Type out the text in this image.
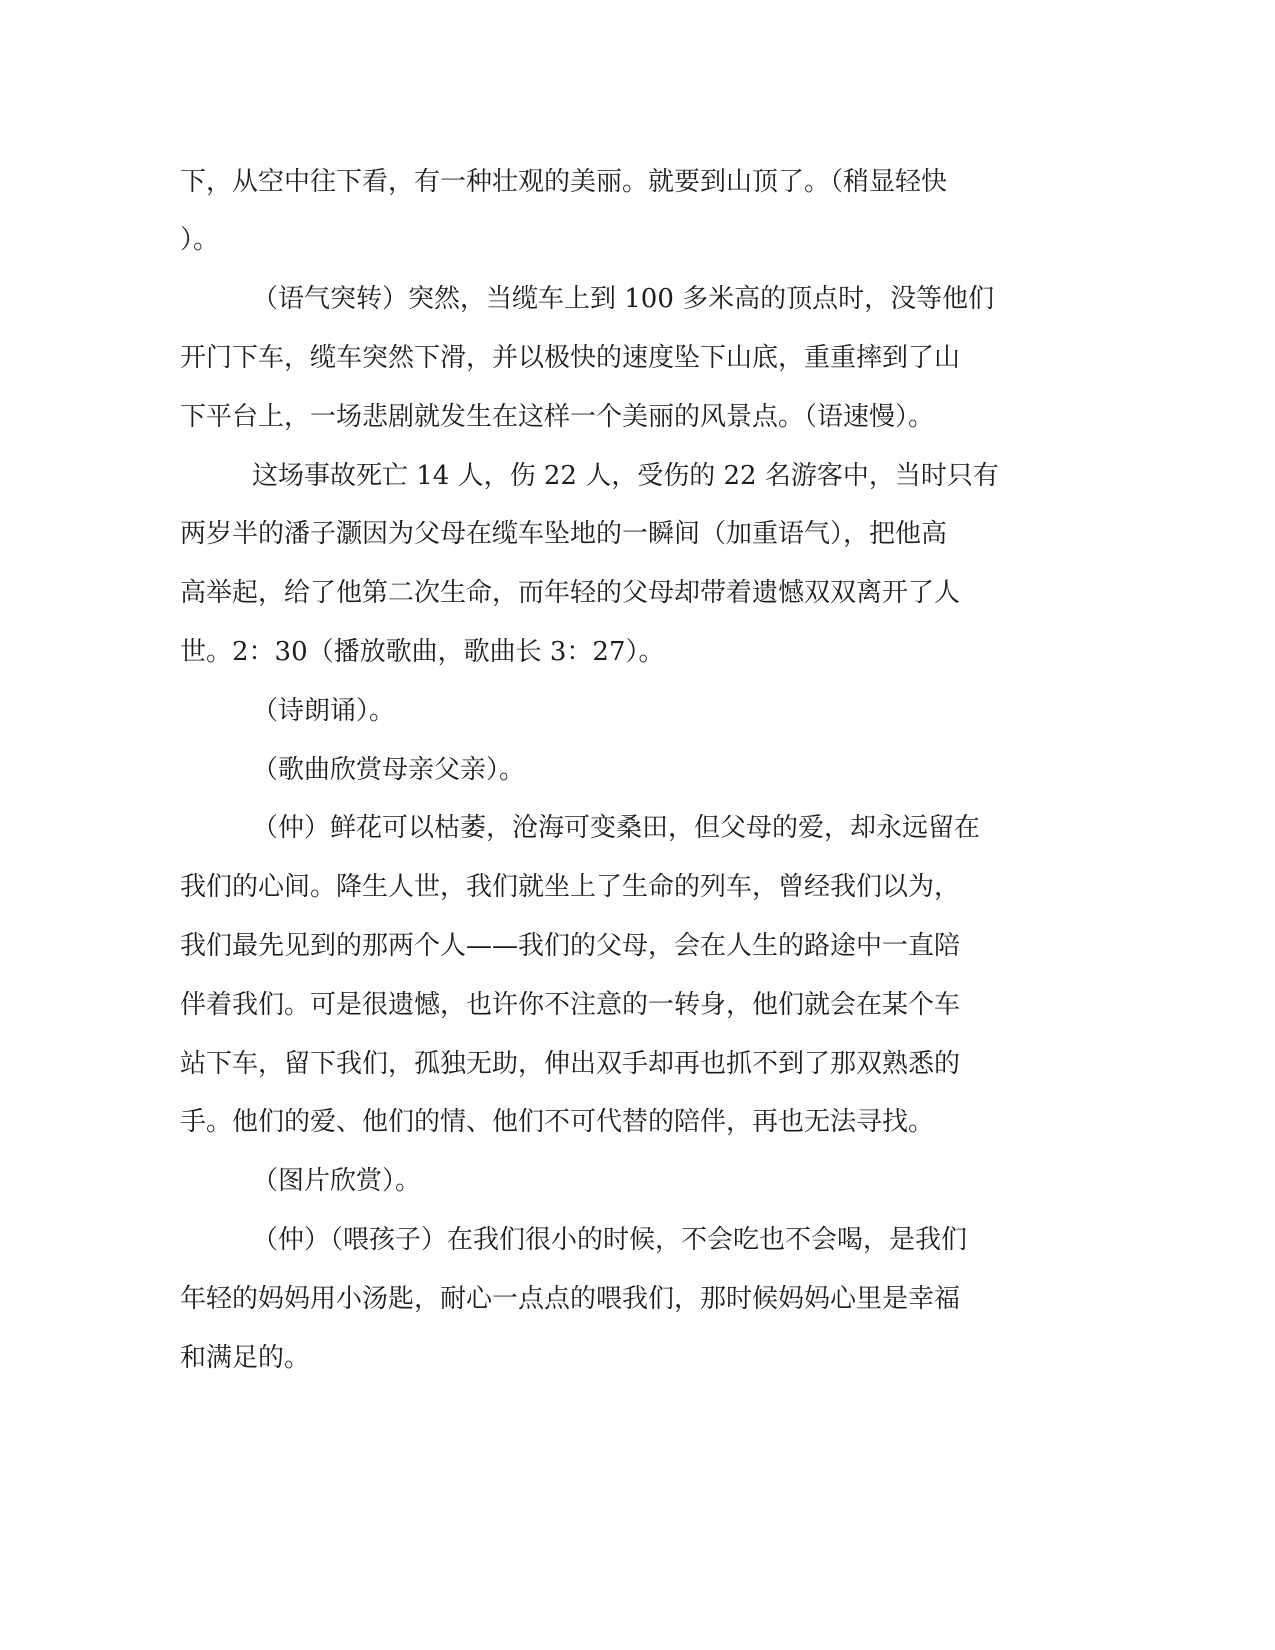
下，从空中往下看，有一种壮观的美丽。就要到山顶了。（稍显轻快
）。
（语气突转）突然，当缆车上到 100 多米高的顶点时，没等他们
开门下车，缆车突然下滑，并以极快的速度坠下山底，重重摔到了山
下平台上，一场悲剧就发生在这样一个美丽的风景点。（语速慢）。
这场事故死亡 14 人，伤 22 人，受伤的 22 名游客中，当时只有
两岁半的潘子灏因为父母在缆车坠地的一瞬间（加重语气），把他高
高举起，给了他第二次生命，而年轻的父母却带着遗憾双双离开了人
世。2：30（播放歌曲，歌曲长 3：27）。
（诗朗诵）。
（歌曲欣赏母亲父亲）。
（仲）鲜花可以枯萎，沧海可变桑田，但父母的爱，却永远留在
我们的心间。降生人世，我们就坐上了生命的列车，曾经我们以为，
我们最先见到的那两个人——我们的父母，会在人生的路途中一直陪
伴着我们。可是很遗憾，也许你不注意的一转身，他们就会在某个车
站下车，留下我们，孤独无助，伸出双手却再也抓不到了那双熟悉的
手。他们的爱、他们的情、他们不可代替的陪伴，再也无法寻找。
（图片欣赏）。
（仲）（喂孩子）在我们很小的时候，不会吃也不会喝，是我们
年轻的妈妈用小汤匙，耐心一点点的喂我们，那时候妈妈心里是幸福
和满足的。
